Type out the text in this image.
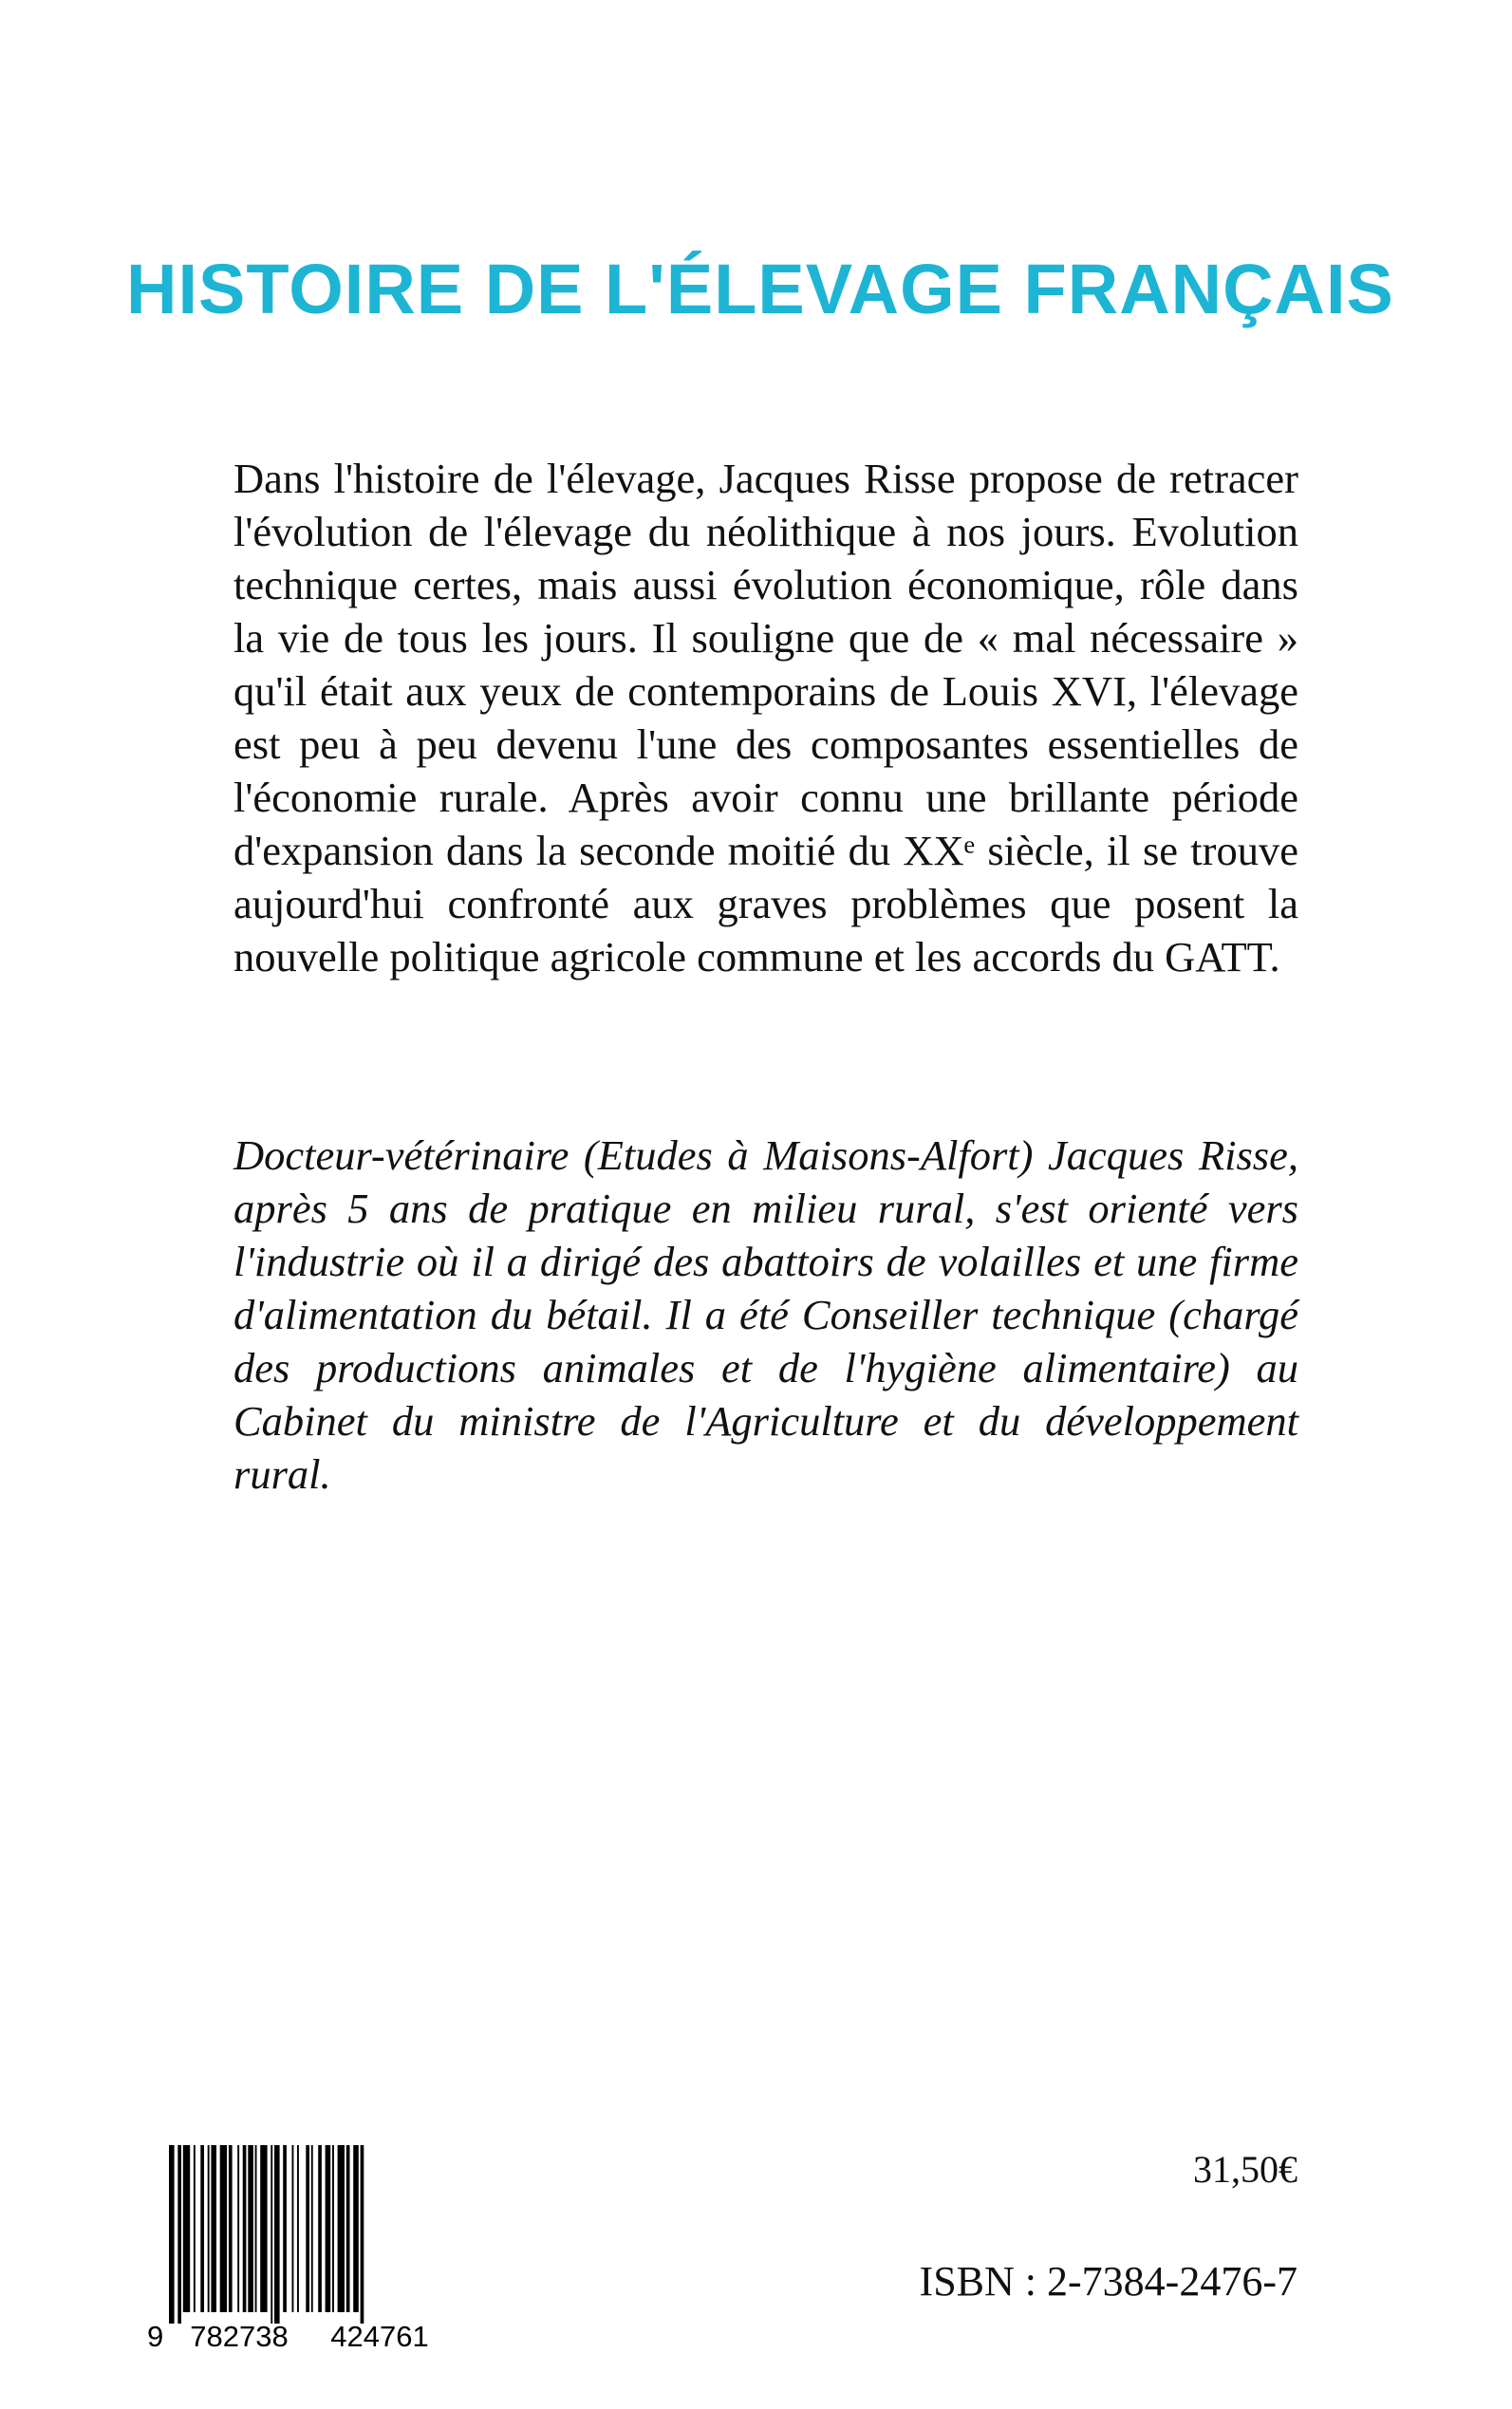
HISTOIRE DE L'ÉLEVAGE FRANÇAIS

Dans l'histoire de l'élevage, Jacques Risse propose de retracer l'évolution de l'élevage du néolithique à nos jours. Evolution technique certes, mais aussi évolution économique, rôle dans la vie de tous les jours. Il souligne que de « mal nécessaire » qu'il était aux yeux de contemporains de Louis XVI, l'élevage est peu à peu devenu l'une des composantes essentielles de l'économie rurale. Après avoir connu une brillante période d'expansion dans la seconde moitié du XXᵉ siècle, il se trouve aujourd'hui confronté aux graves problèmes que posent la nouvelle politique agricole commune et les accords du GATT.

Docteur-vétérinaire (Etudes à Maisons-Alfort) Jacques Risse, après 5 ans de pratique en milieu rural, s'est orienté vers l'industrie où il a dirigé des abattoirs de volailles et une firme d'alimentation du bétail. Il a été Conseiller technique (chargé des productions animales et de l'hygiène alimentaire) au Cabinet du ministre de l'Agriculture et du développement rural.

9 782738 424761
31,50€
ISBN : 2-7384-2476-7
